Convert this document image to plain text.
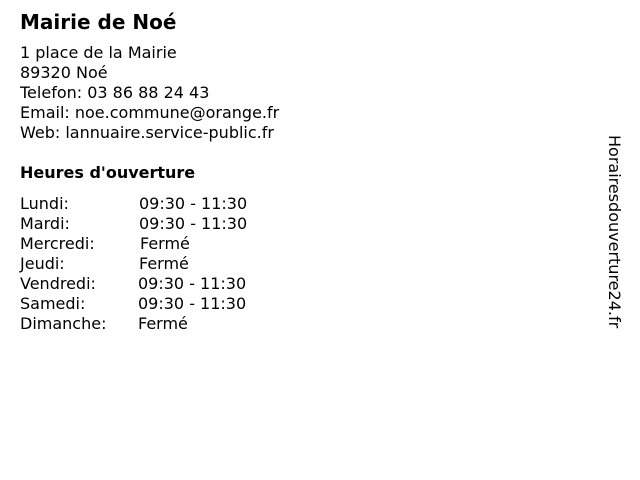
Mairie de Noé
1 place de la Mairie
89320 Noé
Telefon: 03 86 88 24 43
Email: noe.commune@orange.fr
Web: lannuaire.service-public.fr
Heures d'ouverture
Lundi:	09:30 - 11:30
Mardi:	09:30 - 11:30
Mercredi:	Fermé
Jeudi:	Fermé
Vendredi:	09:30 - 11:30
Samedi:	09:30 - 11:30
Dimanche: Fermé	Horairesdouverture24.fr
